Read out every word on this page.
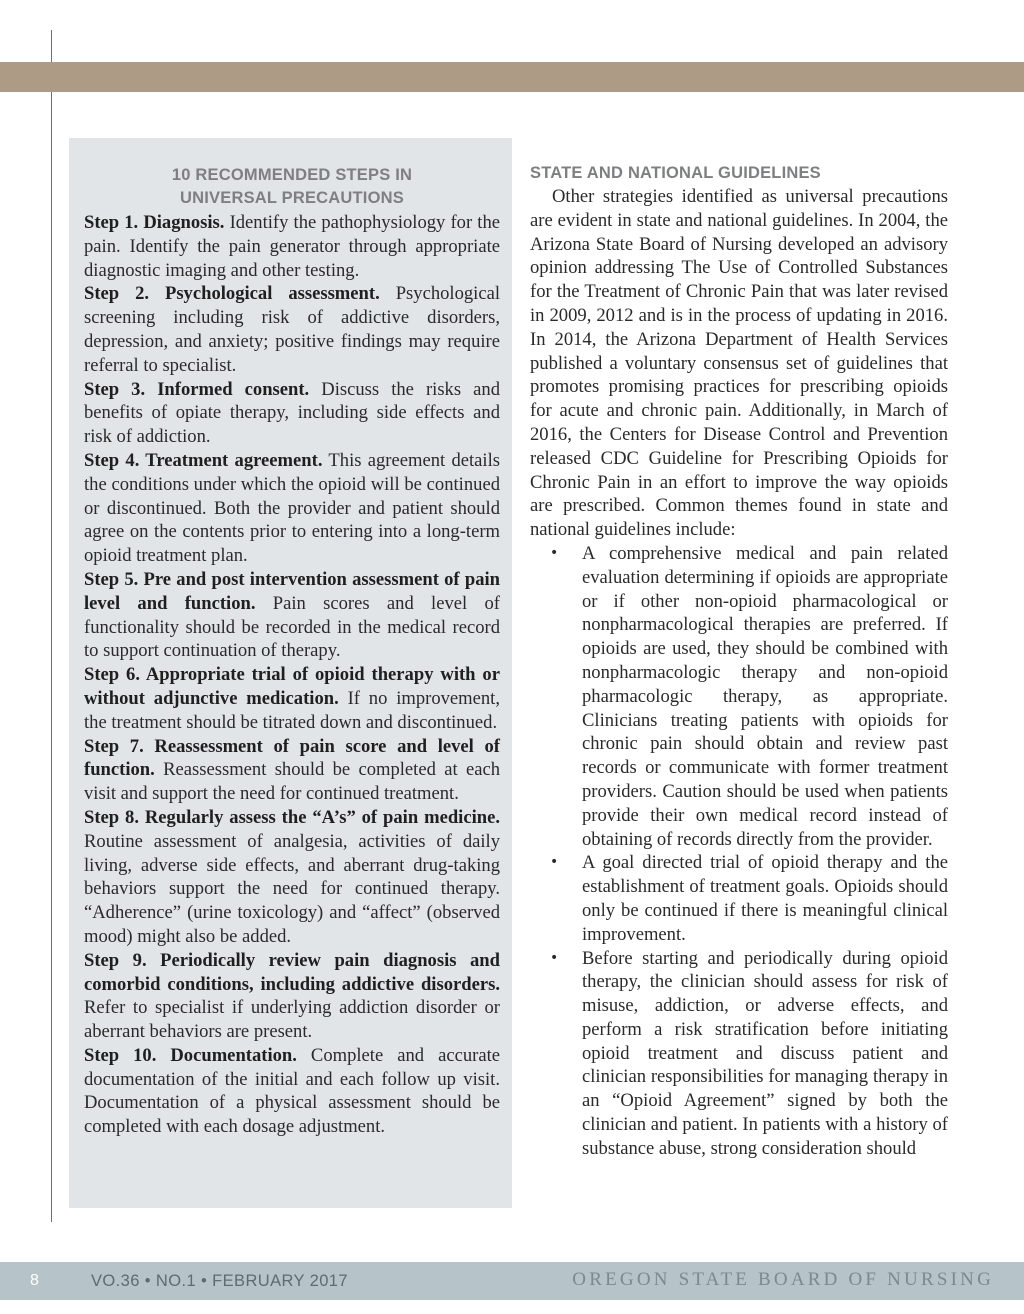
10 RECOMMENDED STEPS IN
UNIVERSAL PRECAUTIONS

Step 1. Diagnosis. Identify the pathophysiology for the pain. Identify the pain generator through appropriate diagnostic imaging and other testing.

Step 2. Psychological assessment. Psychological screening including risk of addictive disorders, depression, and anxiety; positive findings may require referral to specialist.

Step 3. Informed consent. Discuss the risks and benefits of opiate therapy, including side effects and risk of addiction.

Step 4. Treatment agreement. This agreement details the conditions under which the opioid will be continued or discontinued. Both the provider and patient should agree on the contents prior to entering into a long-term opioid treatment plan.

Step 5. Pre and post intervention assessment of pain level and function. Pain scores and level of functionality should be recorded in the medical record to support continuation of therapy.

Step 6. Appropriate trial of opioid therapy with or without adjunctive medication. If no improvement, the treatment should be titrated down and discontinued.

Step 7. Reassessment of pain score and level of function. Reassessment should be completed at each visit and support the need for continued treatment.

Step 8. Regularly assess the “A’s” of pain medicine. Routine assessment of analgesia, activities of daily living, adverse side effects, and aberrant drug-taking behaviors support the need for continued therapy. “Adherence” (urine toxicology) and “affect” (observed mood) might also be added.

Step 9. Periodically review pain diagnosis and comorbid conditions, including addictive disorders. Refer to specialist if underlying addiction disorder or aberrant behaviors are present.

Step 10. Documentation. Complete and accurate documentation of the initial and each follow up visit. Documentation of a physical assessment should be completed with each dosage adjustment.

STATE AND NATIONAL GUIDELINES

Other strategies identified as universal precautions are evident in state and national guidelines. In 2004, the Arizona State Board of Nursing developed an advisory opinion addressing The Use of Controlled Substances for the Treatment of Chronic Pain that was later revised in 2009, 2012 and is in the process of updating in 2016. In 2014, the Arizona Department of Health Services published a voluntary consensus set of guidelines that promotes promising practices for prescribing opioids for acute and chronic pain. Additionally, in March of 2016, the Centers for Disease Control and Prevention released CDC Guideline for Prescribing Opioids for Chronic Pain in an effort to improve the way opioids are prescribed. Common themes found in state and national guidelines include:

• A comprehensive medical and pain related evaluation determining if opioids are appropriate or if other non-opioid pharmacological or nonpharmacological therapies are preferred. If opioids are used, they should be combined with nonpharmacologic therapy and non-opioid pharmacologic therapy, as appropriate. Clinicians treating patients with opioids for chronic pain should obtain and review past records or communicate with former treatment providers. Caution should be used when patients provide their own medical record instead of obtaining of records directly from the provider.
• A goal directed trial of opioid therapy and the establishment of treatment goals. Opioids should only be continued if there is meaningful clinical improvement.
• Before starting and periodically during opioid therapy, the clinician should assess for risk of misuse, addiction, or adverse effects, and perform a risk stratification before initiating opioid treatment and discuss patient and clinician responsibilities for managing therapy in an “Opioid Agreement” signed by both the clinician and patient. In patients with a history of substance abuse, strong consideration should
8	VO.36 • NO.1 • FEBRUARY 2017	OREGON STATE BOARD OF NURSING
